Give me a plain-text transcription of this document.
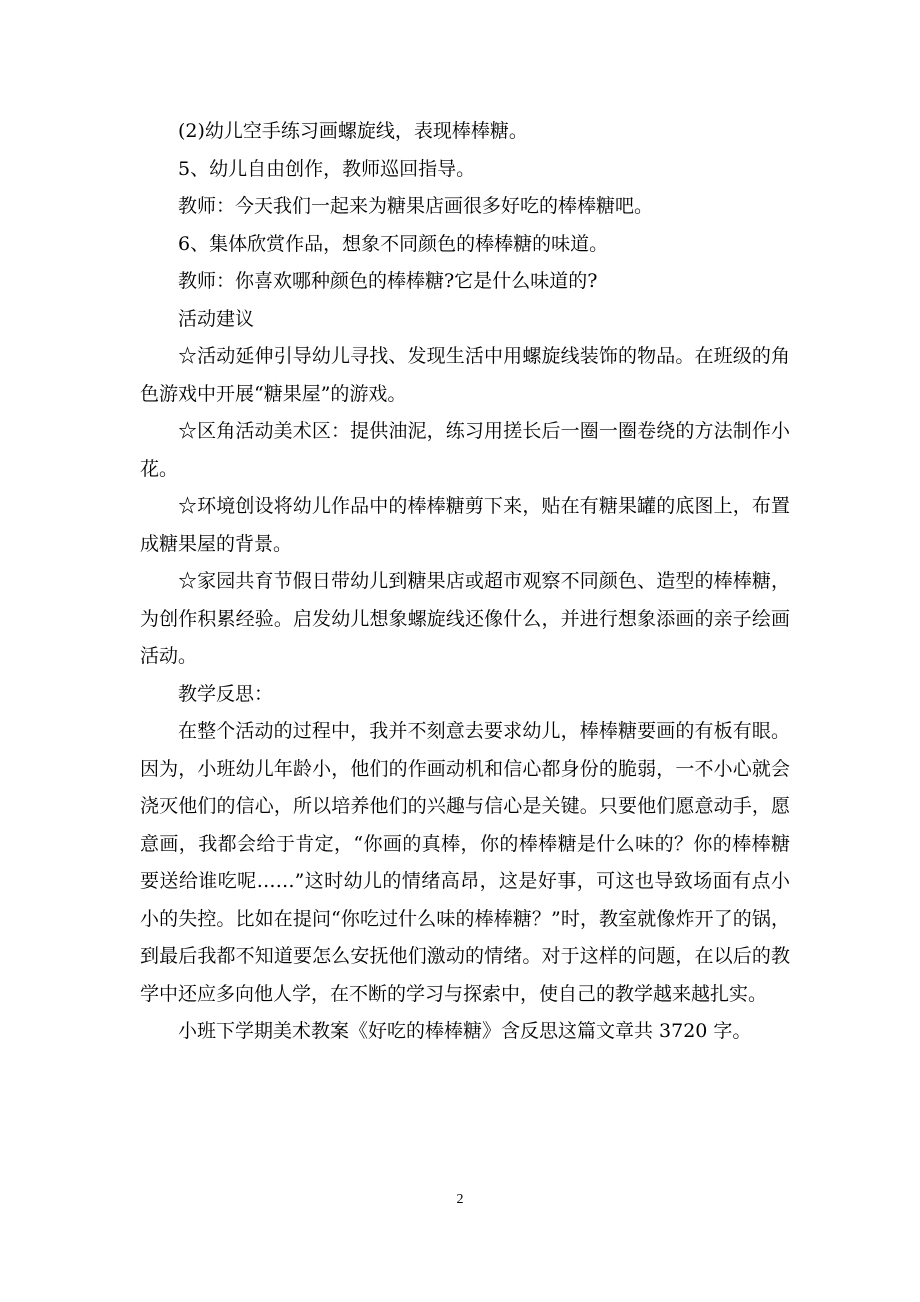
(2)幼儿空手练习画螺旋线，表现棒棒糖。

5、幼儿自由创作，教师巡回指导。

教师：今天我们一起来为糖果店画很多好吃的棒棒糖吧。

6、集体欣赏作品，想象不同颜色的棒棒糖的味道。

教师：你喜欢哪种颜色的棒棒糖?它是什么味道的?

活动建议

☆活动延伸引导幼儿寻找、发现生活中用螺旋线装饰的物品。在班级的角色游戏中开展“糖果屋”的游戏。

☆区角活动美术区：提供油泥，练习用搓长后一圈一圈卷绕的方法制作小花。

☆环境创设将幼儿作品中的棒棒糖剪下来，贴在有糖果罐的底图上，布置成糖果屋的背景。

☆家园共育节假日带幼儿到糖果店或超市观察不同颜色、造型的棒棒糖，为创作积累经验。启发幼儿想象螺旋线还像什么，并进行想象添画的亲子绘画活动。

教学反思：

在整个活动的过程中，我并不刻意去要求幼儿，棒棒糖要画的有板有眼。因为，小班幼儿年龄小，他们的作画动机和信心都身份的脆弱，一不小心就会浇灭他们的信心，所以培养他们的兴趣与信心是关键。只要他们愿意动手，愿意画，我都会给于肯定，“你画的真棒，你的棒棒糖是什么味的？你的棒棒糖要送给谁吃呢……”这时幼儿的情绪高昂，这是好事，可这也导致场面有点小小的失控。比如在提问“你吃过什么味的棒棒糖？”时，教室就像炸开了的锅，到最后我都不知道要怎么安抚他们激动的情绪。对于这样的问题，在以后的教学中还应多向他人学，在不断的学习与探索中，使自己的教学越来越扎实。

小班下学期美术教案《好吃的棒棒糖》含反思这篇文章共 3720 字。

2
